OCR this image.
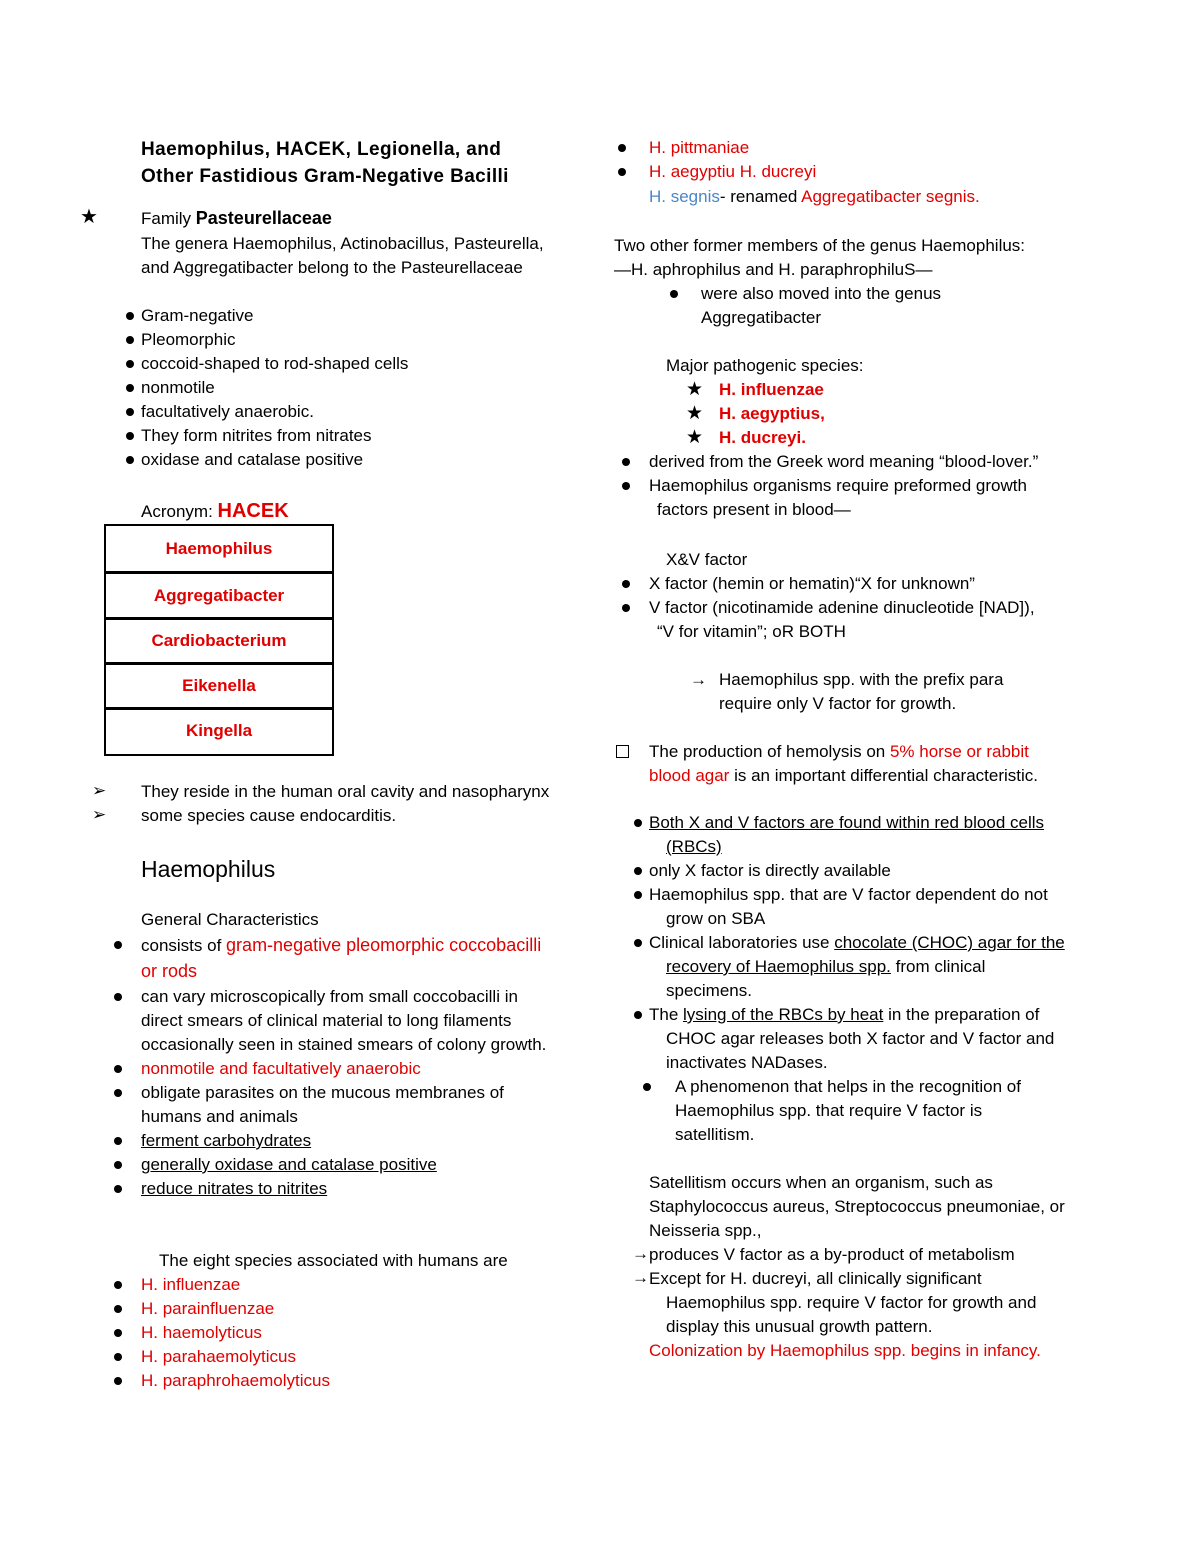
Haemophilus, HACEK, Legionella, and
Other Fastidious Gram-Negative Bacilli
★	Family Pasteurellaceae
The genera Haemophilus, Actinobacillus, Pasteurella,
and Aggregatibacter belong to the Pasteurellaceae
Gram-negative
Pleomorphic
coccoid-shaped to rod-shaped cells
nonmotile
facultatively anaerobic.
They form nitrites from nitrates
oxidase and catalase positive
Acronym: HACEK
Haemophilus
Aggregatibacter
Cardiobacterium
Eikenella
Kingella
➢ They reside in the human oral cavity and nasopharynx
➢ some species cause endocarditis.
Haemophilus
General Characteristics
consists of gram-negative pleomorphic coccobacilli
or rods
can vary microscopically from small coccobacilli in
direct smears of clinical material to long filaments
occasionally seen in stained smears of colony growth.
nonmotile and facultatively anaerobic
obligate parasites on the mucous membranes of
humans and animals
ferment carbohydrates
generally oxidase and catalase positive
reduce nitrates to nitrites
The eight species associated with humans are
H. influenzae
H. parainfluenzae
H. haemolyticus
H. parahaemolyticus
H. paraphrohaemolyticus
H. pittmaniae
H. aegyptiu H. ducreyi
H. segnis- renamed Aggregatibacter segnis.
Two other former members of the genus Haemophilus:
—H. aphrophilus and H. paraphrophiluS—
were also moved into the genus
Aggregatibacter
Major pathogenic species:
★ H. influenzae
★ H. aegyptius,
★ H. ducreyi.
derived from the Greek word meaning “blood-lover.”
Haemophilus organisms require preformed growth
factors present in blood—
X&V factor
X factor (hemin or hematin)“X for unknown”
V factor (nicotinamide adenine dinucleotide [NAD]),
“V for vitamin”; oR BOTH
→ Haemophilus spp. with the prefix para
require only V factor for growth.
The production of hemolysis on 5% horse or rabbit
blood agar is an important differential characteristic.
Both X and V factors are found within red blood cells
(RBCs)
only X factor is directly available
Haemophilus spp. that are V factor dependent do not
grow on SBA
Clinical laboratories use chocolate (CHOC) agar for the
recovery of Haemophilus spp. from clinical
specimens.
The lysing of the RBCs by heat in the preparation of
CHOC agar releases both X factor and V factor and
inactivates NADases.
A phenomenon that helps in the recognition of
Haemophilus spp. that require V factor is
satellitism.
Satellitism occurs when an organism, such as
Staphylococcus aureus, Streptococcus pneumoniae, or
Neisseria spp.,
→ produces V factor as a by-product of metabolism
→ Except for H. ducreyi, all clinically significant
Haemophilus spp. require V factor for growth and
display this unusual growth pattern.
Colonization by Haemophilus spp. begins in infancy.
